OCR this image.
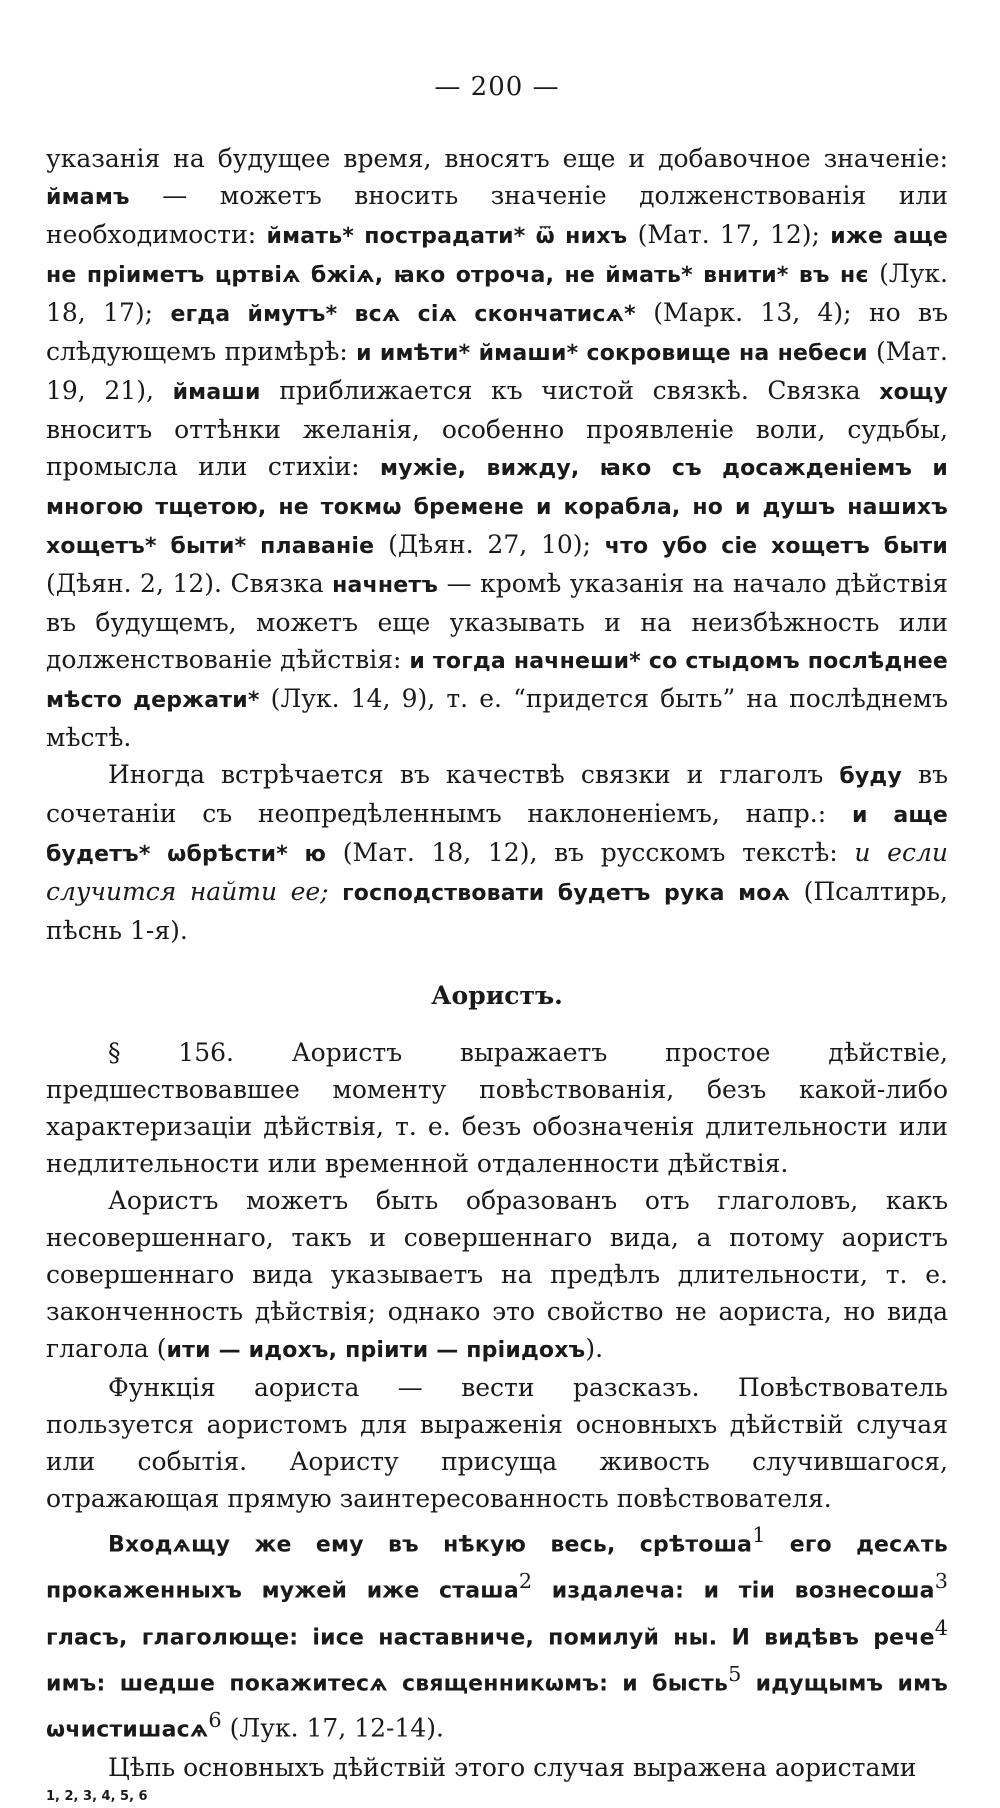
— 200 —

указанія на будущее время, вносятъ еще и добавочное значеніе: ймамъ — можетъ вносить значеніе долженствованія или необходимости: ймать* пострадати* ѿ нихъ (Мат. 17, 12); иже аще не пріиметъ цртвіѧ бжіѧ, ꙗко отроча, не ймать* внити* въ нє (Лук. 18, 17); егда ймутъ* всѧ сіѧ скончатисѧ* (Марк. 13, 4); но въ слѣдующемъ примѣрѣ: и имѣти* ймаши* сокровище на небеси (Мат. 19, 21), ймаши приближается къ чистой связкѣ. Связка хощу вноситъ оттѣнки желанія, особенно проявленіе воли, судьбы, промысла или стихіи: мужіе, вижду, ꙗко съ досажденіемъ и многою тщетою, не токмѡ бремене и корабла, но и душъ нашихъ хощетъ* быти* плаваніе (Дѣян. 27, 10); что убо сіе хощетъ быти (Дѣян. 2, 12). Связка начнетъ — кромѣ указанія на начало дѣйствія въ будущемъ, можетъ еще указывать и на неизбѣжность или долженствованіе дѣйствія: и тогда начнеши* со стыдомъ послѣднее мѣсто держати* (Лук. 14, 9), т. е. “придется быть” на послѣднемъ мѣстѣ.

Иногда встрѣчается въ качествѣ связки и глаголъ буду въ сочетаніи съ неопредѣленнымъ наклоненіемъ, напр.: и аще будетъ* ѡбрѣсти* ю (Мат. 18, 12), въ русскомъ текстѣ: и если случится найти ее; господствовати будетъ рука моѧ (Псалтирь, пѣснь 1-я).

Аористъ.

§ 156. Аористъ выражаетъ простое дѣйствіе, предшествовавшее моменту повѣствованія, безъ какой-либо характеризаціи дѣйствія, т. е. безъ обозначенія длительности или недлительности или временной отдаленности дѣйствія.

Аористъ можетъ быть образованъ отъ глаголовъ, какъ несовершеннаго, такъ и совершеннаго вида, а потому аористъ совершеннаго вида указываетъ на предѣлъ длительности, т. е. законченность дѣйствія; однако это свойство не аориста, но вида глагола (ити — идохъ, пріити — пріидохъ).

Функція аориста — вести разсказъ. Повѣствователь пользуется аористомъ для выраженія основныхъ дѣйствій случая или событія. Аористу присуща живость случившагося, отражающая прямую заинтересованность повѣствователя.

Входѧщу же ему въ нѣкую весь, срѣтоша$^1$ его десѧть прокаженныхъ мужей иже сташа$^2$ издалеча: и тіи вознесоша$^3$ гласъ, глаголюще: іисе наставниче, помилуй ны. И видѣвъ рече$^4$ имъ: шедше покажитесѧ священникѡмъ: и бысть$^5$ идущымъ имъ ѡчистишасѧ$^6$ (Лук. 17, 12-14).

Цѣпь основныхъ дѣйствій этого случая выражена аористами

1, 2, 3, 4, 5, 6
